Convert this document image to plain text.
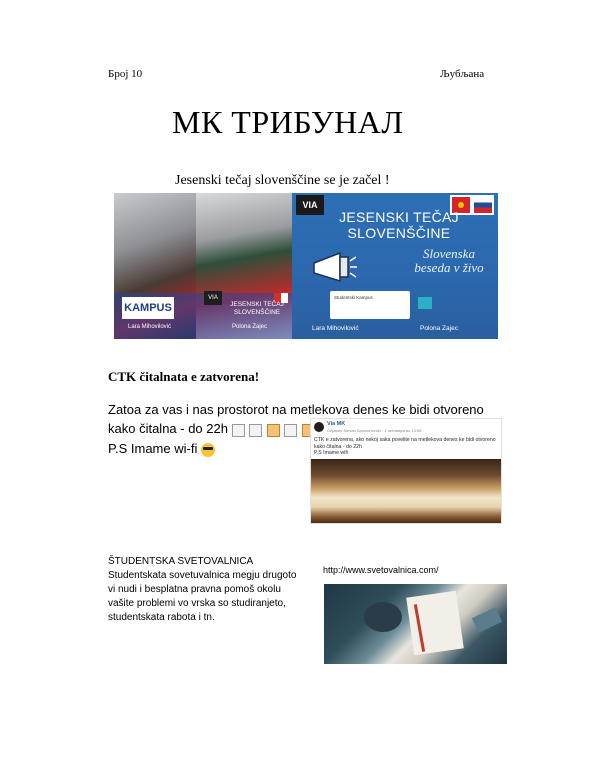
Број 10	Љубљана
МК ТРИБУНАЛ
Jesenski tečaj slovenščine se je začel !
KAMPUS
VIA
JESENSKI TEČAJ SLOVENŠČINE
Lara Mihovilović	Polona Zajec
VIA
JESENSKI TEČAJ SLOVENŠČINE
Slovenska beseda v živo
Studentski Kampus
Lara Mihovilović	Polona Zajec
CTK čitalnata e zatvorena!
Zatoa za vas i nas prostorot na metlekova denes ke bidi otvoreno
kako čitalna - do 22h
P.S Imame wi-fi
Via MK
Објавил Stevan Samsonovski · 1 октомври во 13:58
CTK e zatvorena, ako nekoj saka povelite na metlekova denes ke bidi otvoreno kako čitalna - do 22h
P.S Imame wifi
ŠTUDENTSKA SVETOVALNICA
Studentskata sovetuvalnica megju drugoto vi nudi i besplatna pravna pomoš okolu vašite problemi vo vrska so studiranjeto, studentskata rabota i tn.
http://www.svetovalnica.com/
